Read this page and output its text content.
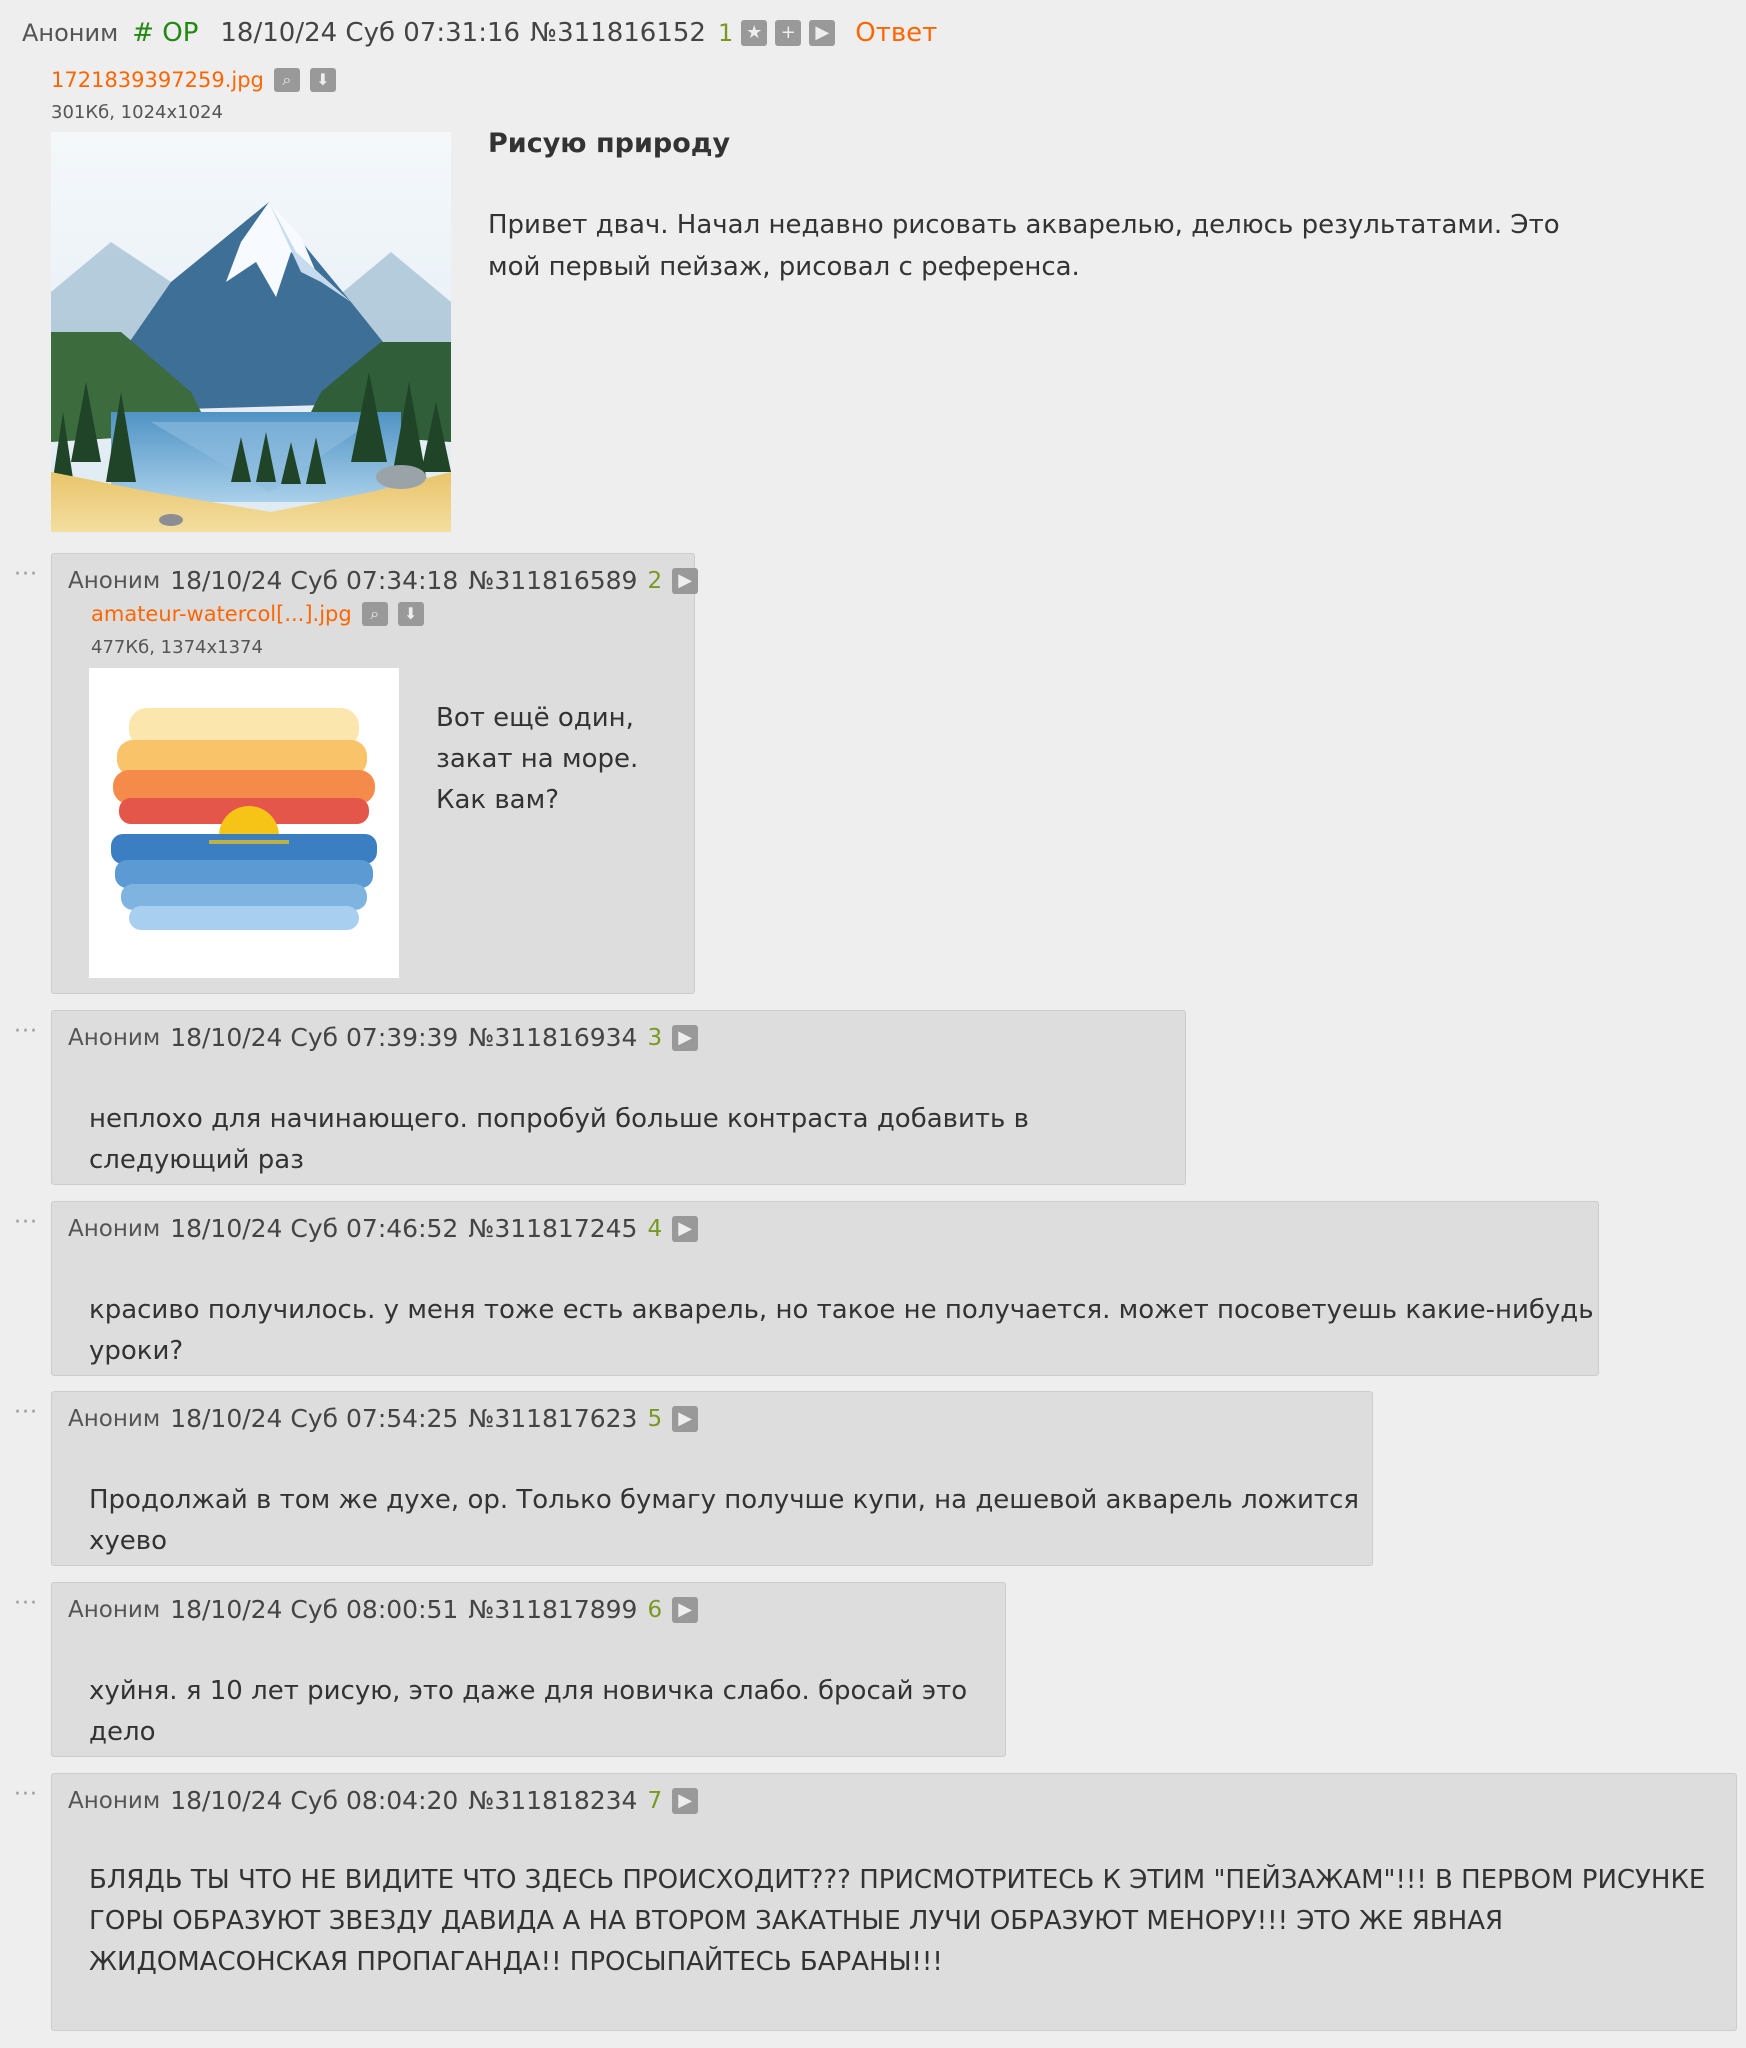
Аноним # OP 18/10/24 Суб 07:31:16 №311816152 1 ★	+	▶ Ответ
1721839397259.jpg	⌕	⬇
301Кб, 1024x1024
Рисую природу
Привет двач. Начал недавно рисовать акварелью, делюсь результатами. Это мой первый пейзаж, рисовал с референса.
··· Аноним 18/10/24 Суб 07:34:18 №311816589 2 ▶
amateur-watercol[...].jpg	⌕	⬇
477Кб, 1374x1374
Вот ещё один, закат на море. Как вам?
··· Аноним 18/10/24 Суб 07:39:39 №311816934 3 ▶
неплохо для начинающего. попробуй больше контраста добавить в следующий раз
··· Аноним 18/10/24 Суб 07:46:52 №311817245 4 ▶
красиво получилось. у меня тоже есть акварель, но такое не получается. может посоветуешь какие-нибудь уроки?
··· Аноним 18/10/24 Суб 07:54:25 №311817623 5 ▶
Продолжай в том же духе, ор. Только бумагу получше купи, на дешевой акварель ложится хуево
··· Аноним 18/10/24 Суб 08:00:51 №311817899 6 ▶
хуйня. я 10 лет рисую, это даже для новичка слабо. бросай это дело
··· Аноним 18/10/24 Суб 08:04:20 №311818234 7 ▶
БЛЯДЬ ТЫ ЧТО НЕ ВИДИТЕ ЧТО ЗДЕСЬ ПРОИСХОДИТ??? ПРИСМОТРИТЕСЬ К ЭТИМ "ПЕЙЗАЖАМ"!!! В ПЕРВОМ РИСУНКЕ ГОРЫ ОБРАЗУЮТ ЗВЕЗДУ ДАВИДА А НА ВТОРОМ ЗАКАТНЫЕ ЛУЧИ ОБРАЗУЮТ МЕНОРУ!!! ЭТО ЖЕ ЯВНАЯ ЖИДОМАСОНСКАЯ ПРОПАГАНДА!! ПРОСЫПАЙТЕСЬ БАРАНЫ!!!
